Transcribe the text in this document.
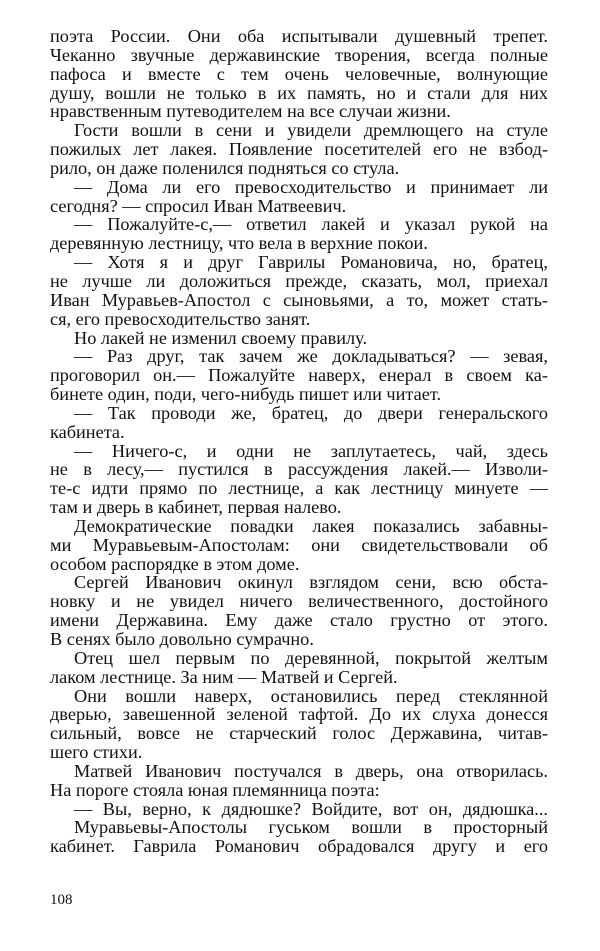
поэта России. Они оба испытывали душевный трепет.
Чеканно звучные державинские творения, всегда полные
пафоса и вместе с тем очень человечные, волнующие
душу, вошли не только в их память, но и стали для них
нравственным путеводителем на все случаи жизни.
Гости вошли в сени и увидели дремлющего на стуле
пожилых лет лакея. Появление посетителей его не взбод-
рило, он даже поленился подняться со стула.
— Дома ли его превосходительство и принимает ли
сегодня? — спросил Иван Матвеевич.
— Пожалуйте-с,— ответил лакей и указал рукой на
деревянную лестницу, что вела в верхние покои.
— Хотя я и друг Гаврилы Романовича, но, братец,
не лучше ли доложиться прежде, сказать, мол, приехал
Иван Муравьев-Апостол с сыновьями, а то, может стать-
ся, его превосходительство занят.
Но лакей не изменил своему правилу.
— Раз друг, так зачем же докладываться? — зевая,
проговорил он.— Пожалуйте наверх, енерал в своем ка-
бинете один, поди, чего-нибудь пишет или читает.
— Так проводи же, братец, до двери генеральского
кабинета.
— Ничего-с, и одни не заплутаетесь, чай, здесь
не в лесу,— пустился в рассуждения лакей.— Изволи-
те-с идти прямо по лестнице, а как лестницу минуете —
там и дверь в кабинет, первая налево.
Демократические повадки лакея показались забавны-
ми Муравьевым-Апостолам: они свидетельствовали об
особом распорядке в этом доме.
Сергей Иванович окинул взглядом сени, всю обста-
новку и не увидел ничего величественного, достойного
имени Державина. Ему даже стало грустно от этого.
В сенях было довольно сумрачно.
Отец шел первым по деревянной, покрытой желтым
лаком лестнице. За ним — Матвей и Сергей.
Они вошли наверх, остановились перед стеклянной
дверью, завешенной зеленой тафтой. До их слуха донесся
сильный, вовсе не старческий голос Державина, читав-
шего стихи.
Матвей Иванович постучался в дверь, она отворилась.
На пороге стояла юная племянница поэта:
— Вы, верно, к дядюшке? Войдите, вот он, дядюшка...
Муравьевы-Апостолы гуськом вошли в просторный
кабинет. Гаврила Романович обрадовался другу и его
108
